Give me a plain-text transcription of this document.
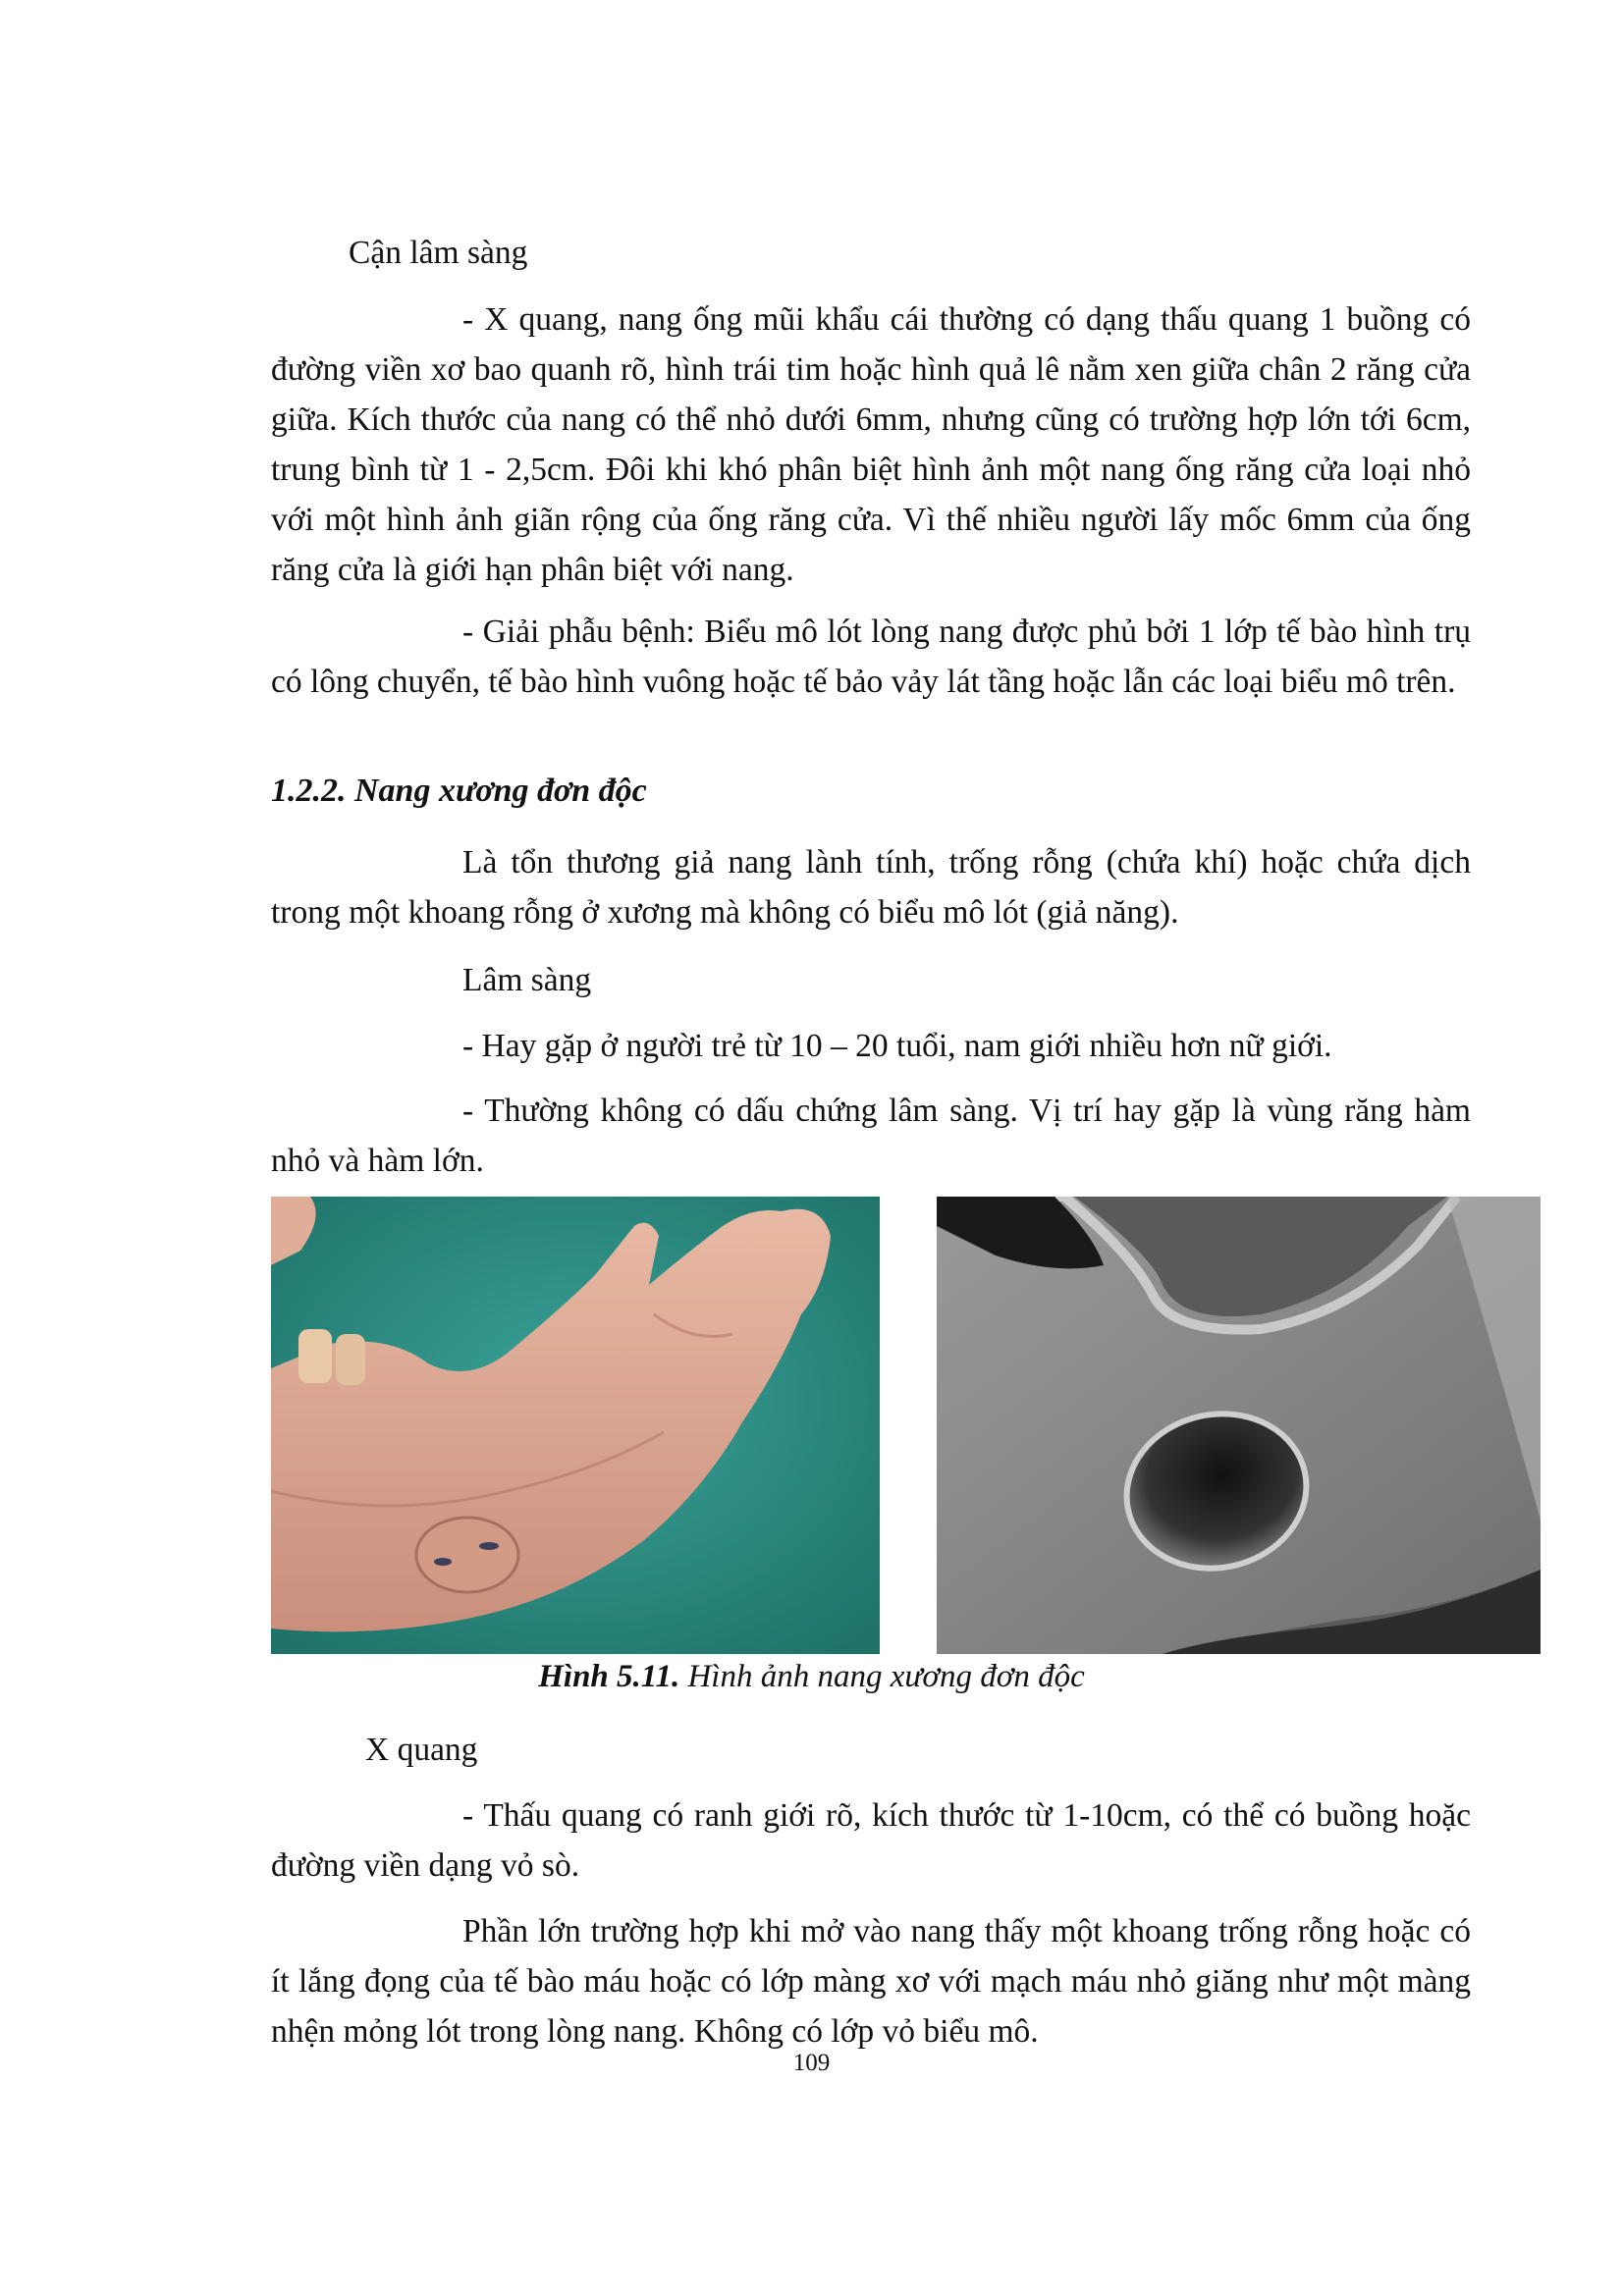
Cận lâm sàng

- X quang, nang ống mũi khẩu cái thường có dạng thấu quang 1 buồng có đường viền xơ bao quanh rõ, hình trái tim hoặc hình quả lê nằm xen giữa chân 2 răng cửa giữa. Kích thước của nang có thể nhỏ dưới 6mm, nhưng cũng có trường hợp lớn tới 6cm, trung bình từ 1 - 2,5cm. Đôi khi khó phân biệt hình ảnh một nang ống răng cửa loại nhỏ với một hình ảnh giãn rộng của ống răng cửa. Vì thế nhiều người lấy mốc 6mm của ống răng cửa là giới hạn phân biệt với nang.

- Giải phẫu bệnh: Biểu mô lót lòng nang được phủ bởi 1 lớp tế bào hình trụ có lông chuyển, tế bào hình vuông hoặc tế bảo vảy lát tầng hoặc lẫn các loại biểu mô trên.

1.2.2. Nang xương đơn độc

Là tổn thương giả nang lành tính, trống rỗng (chứa khí) hoặc chứa dịch trong một khoang rỗng ở xương mà không có biểu mô lót (giả năng).

Lâm sàng

- Hay gặp ở người trẻ từ 10 – 20 tuổi, nam giới nhiều hơn nữ giới.

- Thường không có dấu chứng lâm sàng. Vị trí hay gặp là vùng răng hàm nhỏ và hàm lớn.

Hình 5.11. Hình ảnh nang xương đơn độc

X quang

- Thấu quang có ranh giới rõ, kích thước từ 1-10cm, có thể có buồng hoặc đường viền dạng vỏ sò.

Phần lớn trường hợp khi mở vào nang thấy một khoang trống rỗng hoặc có ít lắng đọng của tế bào máu hoặc có lớp màng xơ với mạch máu nhỏ giăng như một màng nhện mỏng lót trong lòng nang. Không có lớp vỏ biểu mô.

109
